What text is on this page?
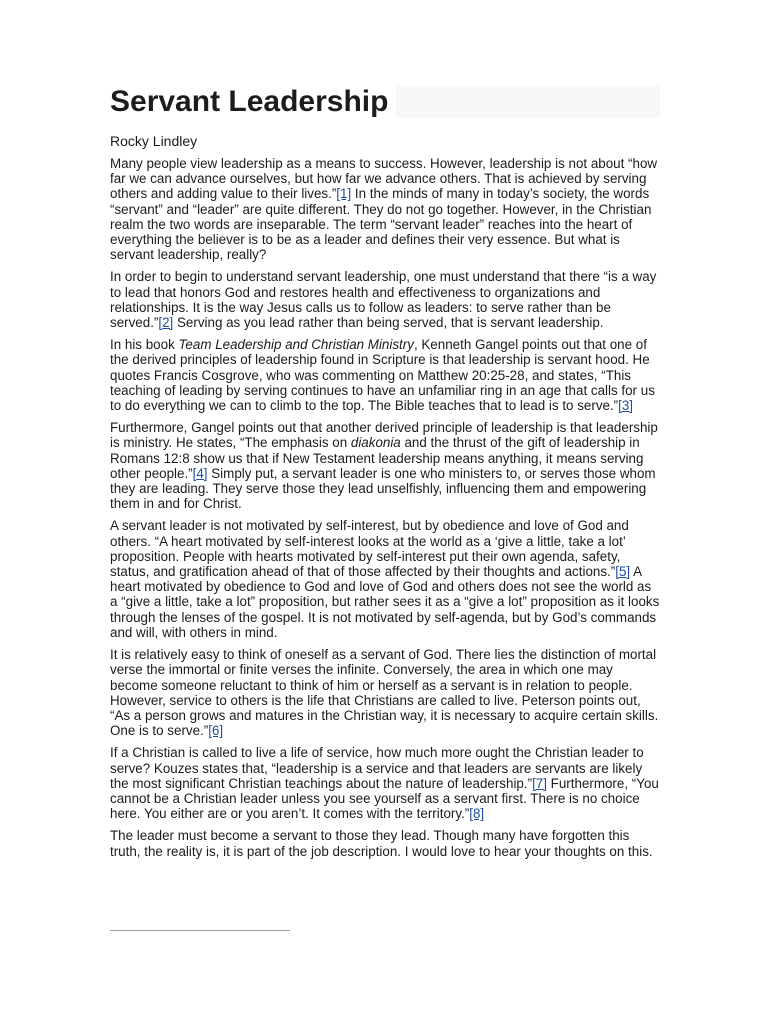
Servant Leadership

Rocky Lindley

Many people view leadership as a means to success. However, leadership is not about “how far we can advance ourselves, but how far we advance others. That is achieved by serving others and adding value to their lives.”[1] In the minds of many in today’s society, the words “servant” and “leader” are quite different. They do not go together. However, in the Christian realm the two words are inseparable. The term “servant leader” reaches into the heart of everything the believer is to be as a leader and defines their very essence. But what is servant leadership, really?

In order to begin to understand servant leadership, one must understand that there “is a way to lead that honors God and restores health and effectiveness to organizations and relationships. It is the way Jesus calls us to follow as leaders: to serve rather than be served.”[2] Serving as you lead rather than being served, that is servant leadership.

In his book Team Leadership and Christian Ministry, Kenneth Gangel points out that one of the derived principles of leadership found in Scripture is that leadership is servant hood. He quotes Francis Cosgrove, who was commenting on Matthew 20:25-28, and states, “This teaching of leading by serving continues to have an unfamiliar ring in an age that calls for us to do everything we can to climb to the top. The Bible teaches that to lead is to serve.”[3]

Furthermore, Gangel points out that another derived principle of leadership is that leadership is ministry. He states, “The emphasis on diakonia and the thrust of the gift of leadership in Romans 12:8 show us that if New Testament leadership means anything, it means serving other people.”[4] Simply put, a servant leader is one who ministers to, or serves those whom they are leading. They serve those they lead unselfishly, influencing them and empowering them in and for Christ.

A servant leader is not motivated by self-interest, but by obedience and love of God and others. “A heart motivated by self-interest looks at the world as a ‘give a little, take a lot’ proposition. People with hearts motivated by self-interest put their own agenda, safety, status, and gratification ahead of that of those affected by their thoughts and actions.”[5] A heart motivated by obedience to God and love of God and others does not see the world as a “give a little, take a lot” proposition, but rather sees it as a “give a lot” proposition as it looks through the lenses of the gospel. It is not motivated by self-agenda, but by God’s commands and will, with others in mind.

It is relatively easy to think of oneself as a servant of God. There lies the distinction of mortal verse the immortal or finite verses the infinite. Conversely, the area in which one may become someone reluctant to think of him or herself as a servant is in relation to people. However, service to others is the life that Christians are called to live. Peterson points out, “As a person grows and matures in the Christian way, it is necessary to acquire certain skills. One is to serve.”[6]

If a Christian is called to live a life of service, how much more ought the Christian leader to serve? Kouzes states that, “leadership is a service and that leaders are servants are likely the most significant Christian teachings about the nature of leadership.”[7] Furthermore, “You cannot be a Christian leader unless you see yourself as a servant first. There is no choice here. You either are or you aren’t. It comes with the territory.”[8]

The leader must become a servant to those they lead. Though many have forgotten this truth, the reality is, it is part of the job description. I would love to hear your thoughts on this.
